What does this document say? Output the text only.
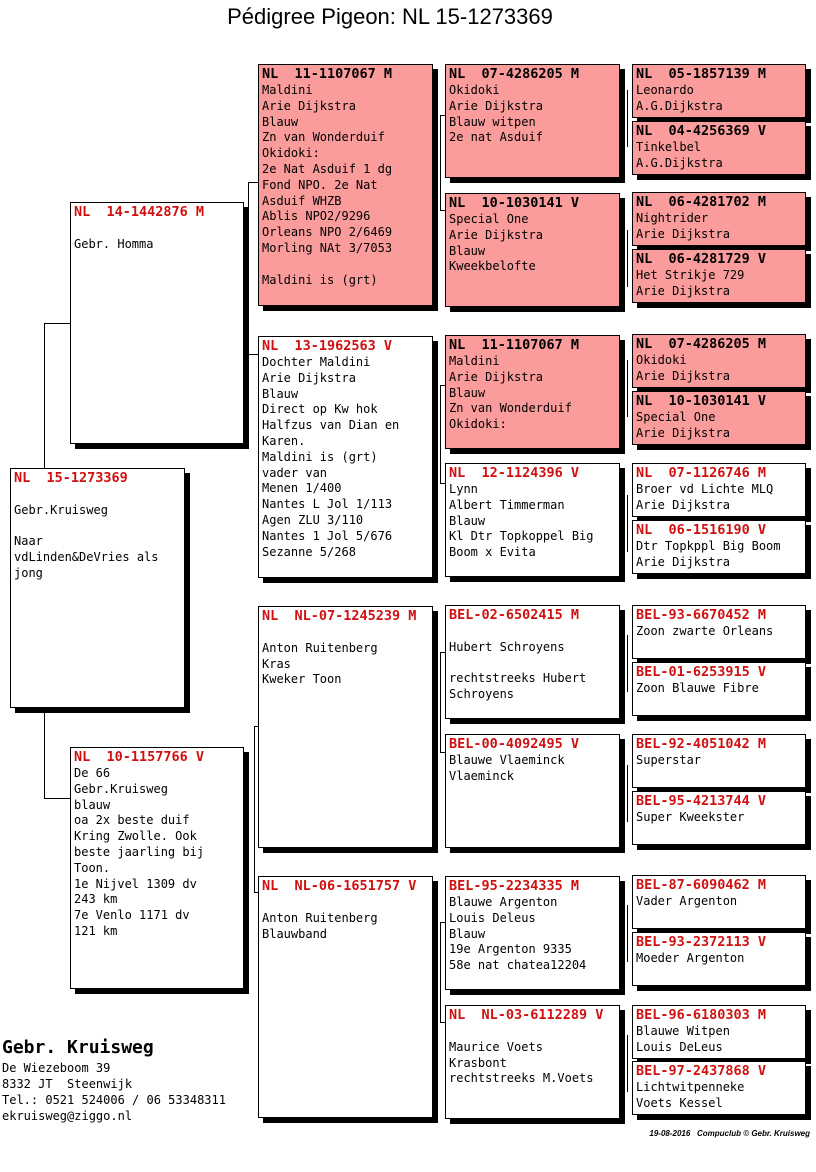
Pédigree Pigeon: NL 15-1273369
NL  15-1273369

Gebr.Kruisweg

Naar
vdLinden&DeVries als
jong
NL  14-1442876 M

Gebr. Homma
NL  10-1157766 V
De 66
Gebr.Kruisweg
blauw
oa 2x beste duif
Kring Zwolle. Ook
beste jaarling bij
Toon.
1e Nijvel 1309 dv
243 km
7e Venlo 1171 dv
121 km
NL  11-1107067 M
Maldini
Arie Dijkstra
Blauw
Zn van Wonderduif
Okidoki:
2e Nat Asduif 1 dg
Fond NPO. 2e Nat
Asduif WHZB
Ablis NPO2/9296
Orleans NPO 2/6469
Morling NAt 3/7053

Maldini is (grt)
NL  13-1962563 V
Dochter Maldini
Arie Dijkstra
Blauw
Direct op Kw hok
Halfzus van Dian en
Karen.
Maldini is (grt)
vader van
Menen 1/400
Nantes L Jol 1/113
Agen ZLU 3/110
Nantes 1 Jol 5/676
Sezanne 5/268
NL  NL-07-1245239 M

Anton Ruitenberg
Kras
Kweker Toon
NL  NL-06-1651757 V

Anton Ruitenberg
Blauwband
NL  07-4286205 M
Okidoki
Arie Dijkstra
Blauw witpen
2e nat Asduif
NL  10-1030141 V
Special One
Arie Dijkstra
Blauw
Kweekbelofte
NL  11-1107067 M
Maldini
Arie Dijkstra
Blauw
Zn van Wonderduif
Okidoki:
NL  12-1124396 V
Lynn
Albert Timmerman
Blauw
Kl Dtr Topkoppel Big
Boom x Evita
BEL-02-6502415 M

Hubert Schroyens

rechtstreeks Hubert
Schroyens
BEL-00-4092495 V
Blauwe Vlaeminck
Vlaeminck
BEL-95-2234335 M
Blauwe Argenton
Louis Deleus
Blauw
19e Argenton 9335
58e nat chatea12204
NL  NL-03-6112289 V

Maurice Voets
Krasbont
rechtstreeks M.Voets
NL  05-1857139 M
Leonardo
A.G.Dijkstra
NL  04-4256369 V
Tinkelbel
A.G.Dijkstra
NL  06-4281702 M
Nightrider
Arie Dijkstra
NL  06-4281729 V
Het Strikje 729
Arie Dijkstra
NL  07-4286205 M
Okidoki
Arie Dijkstra
NL  10-1030141 V
Special One
Arie Dijkstra
NL  07-1126746 M
Broer vd Lichte MLQ
Arie Dijkstra
NL  06-1516190 V
Dtr Topkppl Big Boom
Arie Dijkstra
BEL-93-6670452 M
Zoon zwarte Orleans
BEL-01-6253915 V
Zoon Blauwe Fibre
BEL-92-4051042 M
Superstar
BEL-95-4213744 V
Super Kweekster
BEL-87-6090462 M
Vader Argenton
BEL-93-2372113 V
Moeder Argenton
BEL-96-6180303 M
Blauwe Witpen
Louis DeLeus
BEL-97-2437868 V
Lichtwitpenneke
Voets Kessel
Gebr. Kruisweg
De Wiezeboom 39
8332 JT  Steenwijk
Tel.: 0521 524006 / 06 53348311
ekruisweg@ziggo.nl
19-08-2016   Compuclub © Gebr. Kruisweg
